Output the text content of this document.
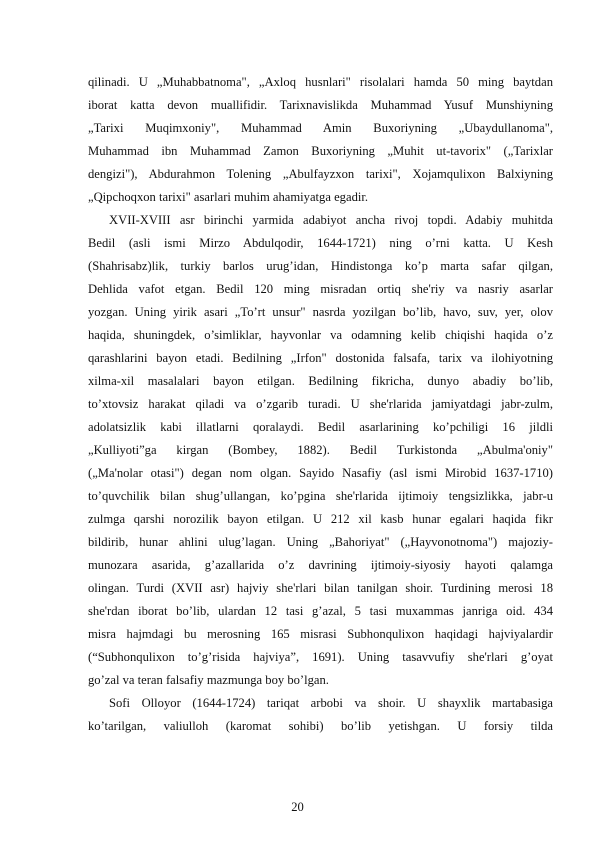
qilinadi. U „Muhabbatnoma", „Axloq husnlari" risolalari hamda 50 ming baytdan
iborat katta devon muallifidir. Tarixnavislikda Muhammad Yusuf Munshiyning
„Tarixi Muqimxoniy", Muhammad Amin Buxoriyning „Ubaydullanoma",
Muhammad ibn Muhammad Zamon Buxoriyning „Muhit ut-tavorix" („Tarixlar
dengizi"), Abdurahmon Tolening „Abulfayzxon tarixi", Xojamqulixon Balxiyning
„Qipchoqxon tarixi" asarlari muhim ahamiyatga egadir.
XVII-XVIII asr birinchi yarmida adabiyot ancha rivoj topdi. Adabiy muhitda
Bedil (asli ismi Mirzo Abdulqodir, 1644-1721) ning o’rni katta. U Kesh
(Shahrisabz)lik, turkiy barlos urug’idan, Hindistonga ko’p marta safar qilgan,
Dehlida vafot etgan. Bedil 120 ming misradan ortiq she'riy va nasriy asarlar
yozgan. Uning yirik asari „To’rt unsur" nasrda yozilgan bo’lib, havo, suv, yer, olov
haqida, shuningdek, o’simliklar, hayvonlar va odamning kelib chiqishi haqida o’z
qarashlarini bayon etadi. Bedilning „Irfon" dostonida falsafa, tarix va ilohiyotning
xilma-xil masalalari bayon etilgan. Bedilning fikricha, dunyo abadiy bo’lib,
to’xtovsiz harakat qiladi va o’zgarib turadi. U she'rlarida jamiyatdagi jabr-zulm,
adolatsizlik kabi illatlarni qoralaydi. Bedil asarlarining ko’pchiligi 16 jildli
„Kulliyoti”ga kirgan (Bombey, 1882). Bedil Turkistonda „Abulma'oniy"
(„Ma'nolar otasi") degan nom olgan. Sayido Nasafiy (asl ismi Mirobid 1637-1710)
to’quvchilik bilan shug’ullangan, ko’pgina she'rlarida ijtimoiy tengsizlikka, jabr-u
zulmga qarshi norozilik bayon etilgan. U 212 xil kasb hunar egalari haqida fikr
bildirib, hunar ahlini ulug’lagan. Uning „Bahoriyat" („Hayvonotnoma") majoziy-
munozara asarida, g’azallarida o’z davrining ijtimoiy-siyosiy hayoti qalamga
olingan. Turdi (XVII asr) hajviy she'rlari bilan tanilgan shoir. Turdining merosi 18
she'rdan iborat bo’lib, ulardan 12 tasi g’azal, 5 tasi muxammas janriga oid. 434
misra hajmdagi bu merosning 165 misrasi Subhonqulixon haqidagi hajviyalardir
(“Subhonqulixon to’g’risida hajviya”, 1691). Uning tasavvufiy she'rlari g’oyat
go’zal va teran falsafiy mazmunga boy bo’lgan.
Sofi Olloyor (1644-1724) tariqat arbobi va shoir. U shayxlik martabasiga
ko’tarilgan, valiulloh (karomat sohibi) bo’lib yetishgan. U forsiy tilda
20
